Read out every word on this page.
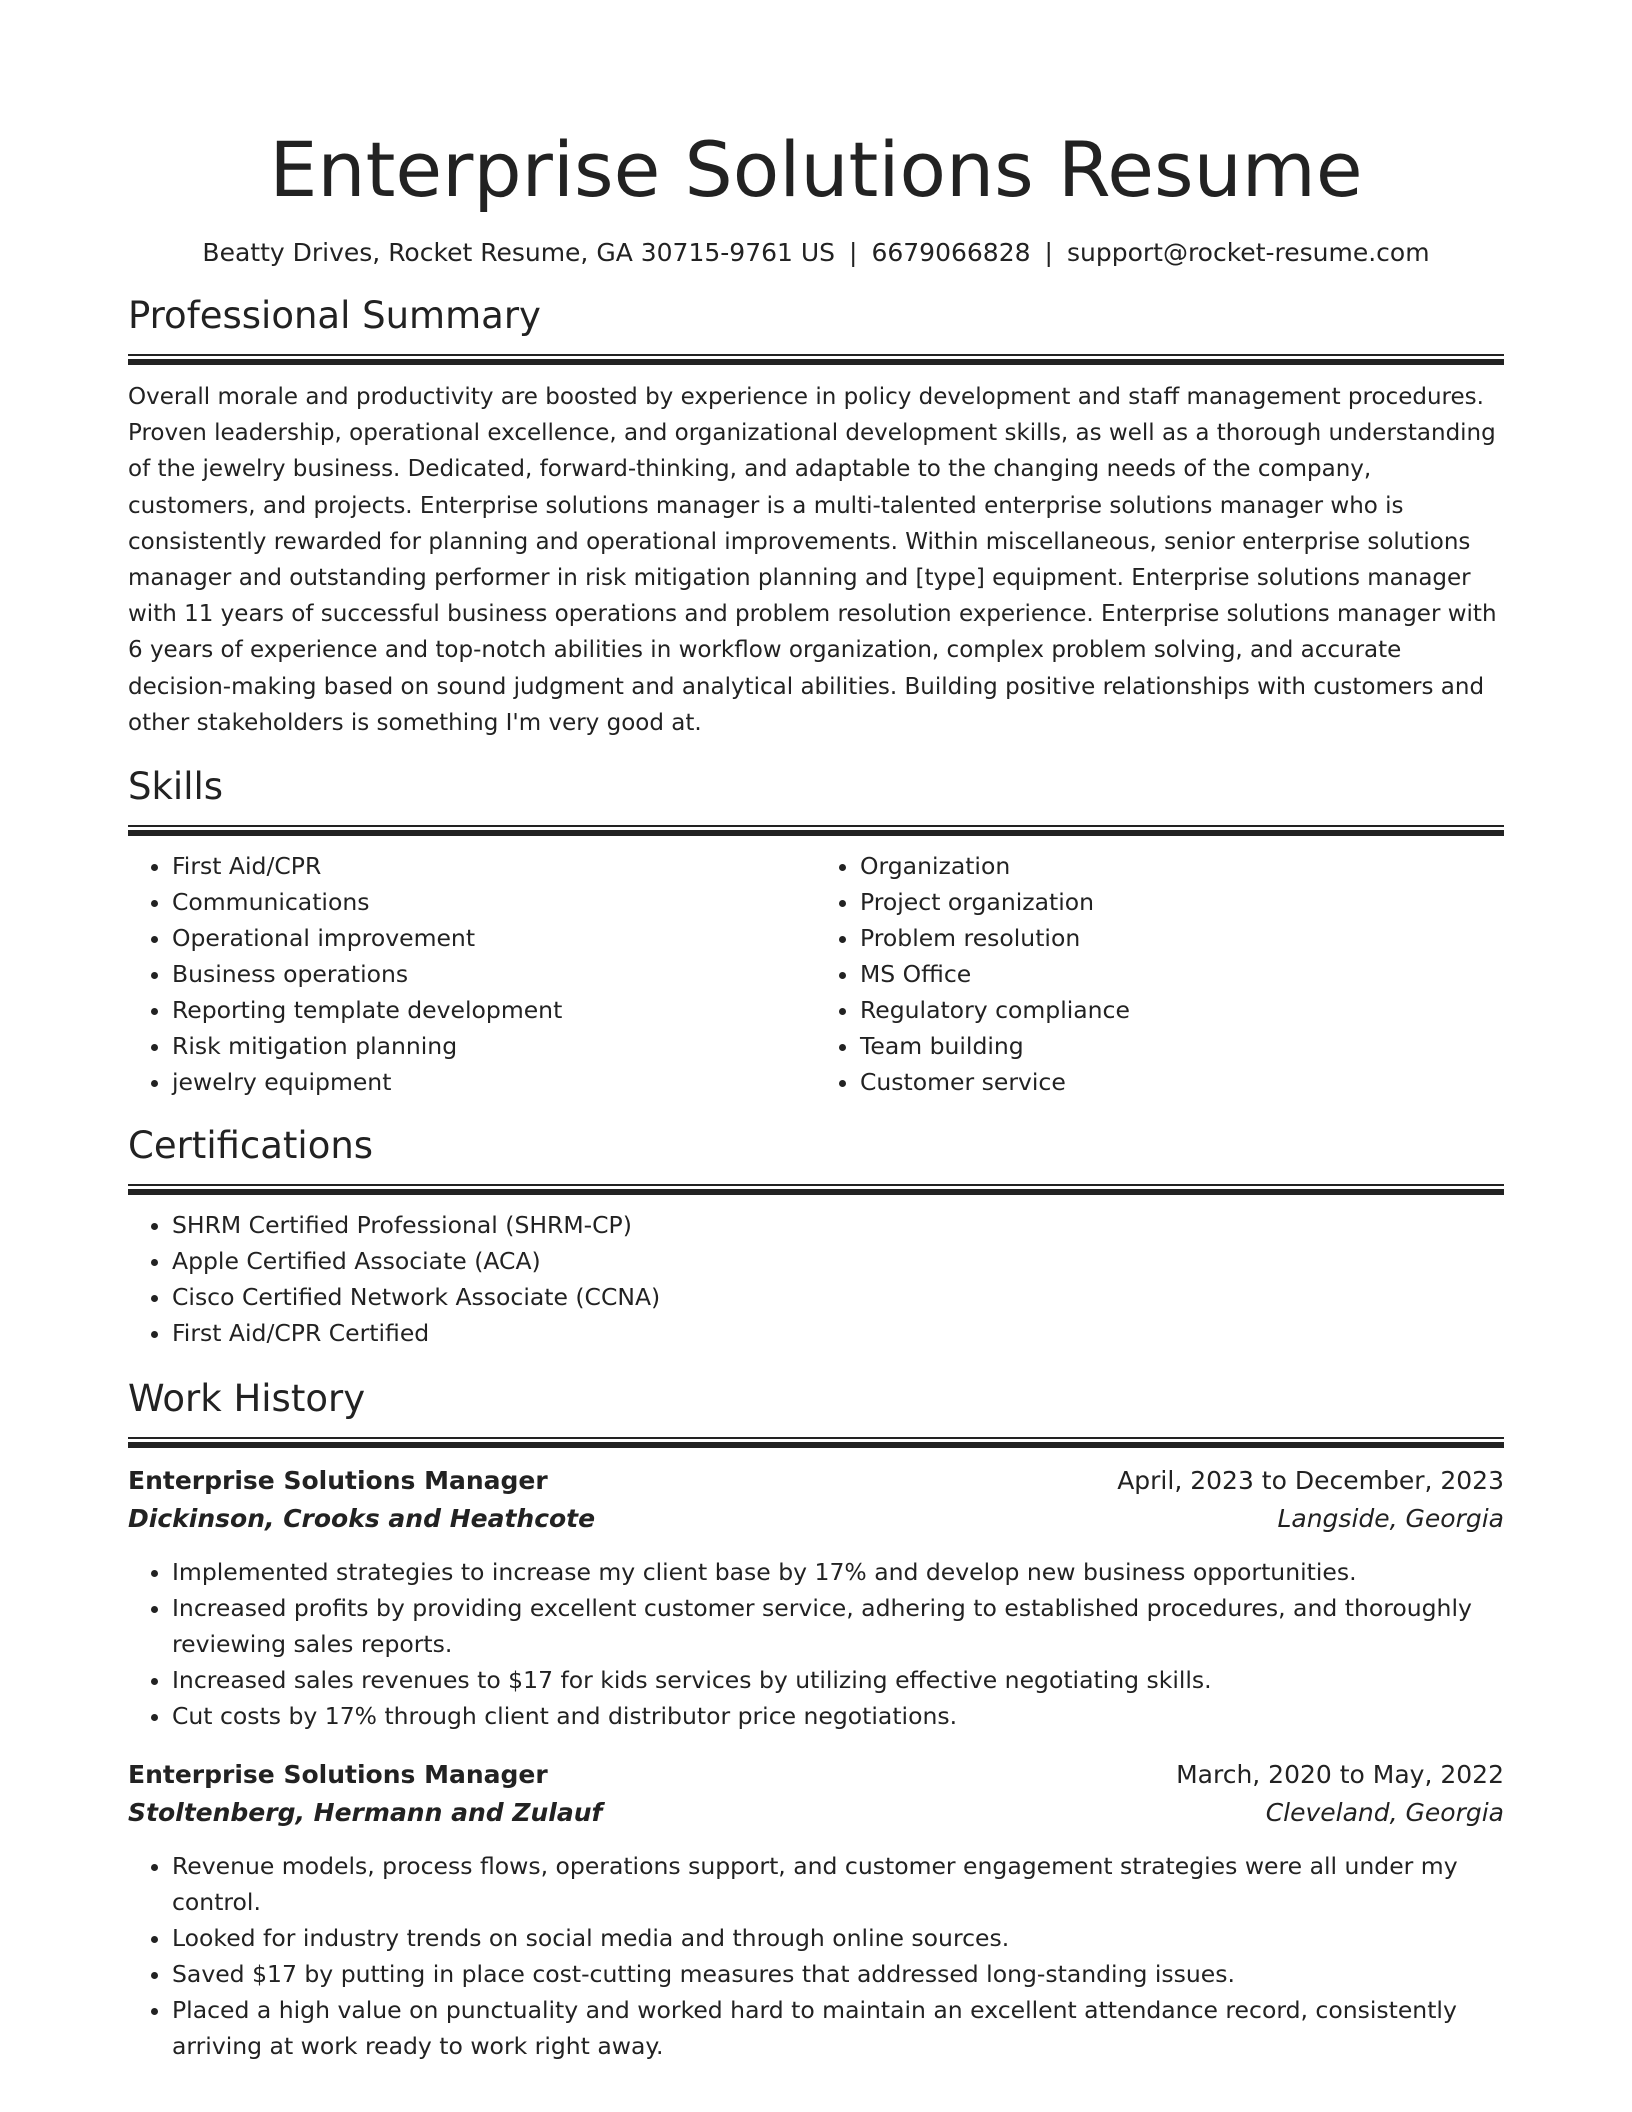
Enterprise Solutions Resume
Beatty Drives, Rocket Resume, GA 30715-9761 US | 6679066828 | support@rocket-resume.com
Professional Summary
Overall morale and productivity are boosted by experience in policy development and staff management procedures. Proven leadership, operational excellence, and organizational development skills, as well as a thorough understanding of the jewelry business. Dedicated, forward-thinking, and adaptable to the changing needs of the company, customers, and projects. Enterprise solutions manager is a multi-talented enterprise solutions manager who is consistently rewarded for planning and operational improvements. Within miscellaneous, senior enterprise solutions manager and outstanding performer in risk mitigation planning and [type] equipment. Enterprise solutions manager with 11 years of successful business operations and problem resolution experience. Enterprise solutions manager with 6 years of experience and top-notch abilities in workflow organization, complex problem solving, and accurate decision-making based on sound judgment and analytical abilities. Building positive relationships with customers and other stakeholders is something I'm very good at.
Skills
• First Aid/CPR
• Communications
• Operational improvement
• Business operations
• Reporting template development
• Risk mitigation planning
• jewelry equipment
• Organization
• Project organization
• Problem resolution
• MS Office
• Regulatory compliance
• Team building
• Customer service
Certifications
• SHRM Certified Professional (SHRM-CP)
• Apple Certified Associate (ACA)
• Cisco Certified Network Associate (CCNA)
• First Aid/CPR Certified
Work History
Enterprise Solutions Manager	April, 2023 to December, 2023
Dickinson, Crooks and Heathcote	Langside, Georgia
• Implemented strategies to increase my client base by 17% and develop new business opportunities.
• Increased profits by providing excellent customer service, adhering to established procedures, and thoroughly reviewing sales reports.
• Increased sales revenues to $17 for kids services by utilizing effective negotiating skills.
• Cut costs by 17% through client and distributor price negotiations.
Enterprise Solutions Manager	March, 2020 to May, 2022
Stoltenberg, Hermann and Zulauf	Cleveland, Georgia
• Revenue models, process flows, operations support, and customer engagement strategies were all under my control.
• Looked for industry trends on social media and through online sources.
• Saved $17 by putting in place cost-cutting measures that addressed long-standing issues.
• Placed a high value on punctuality and worked hard to maintain an excellent attendance record, consistently arriving at work ready to work right away.
